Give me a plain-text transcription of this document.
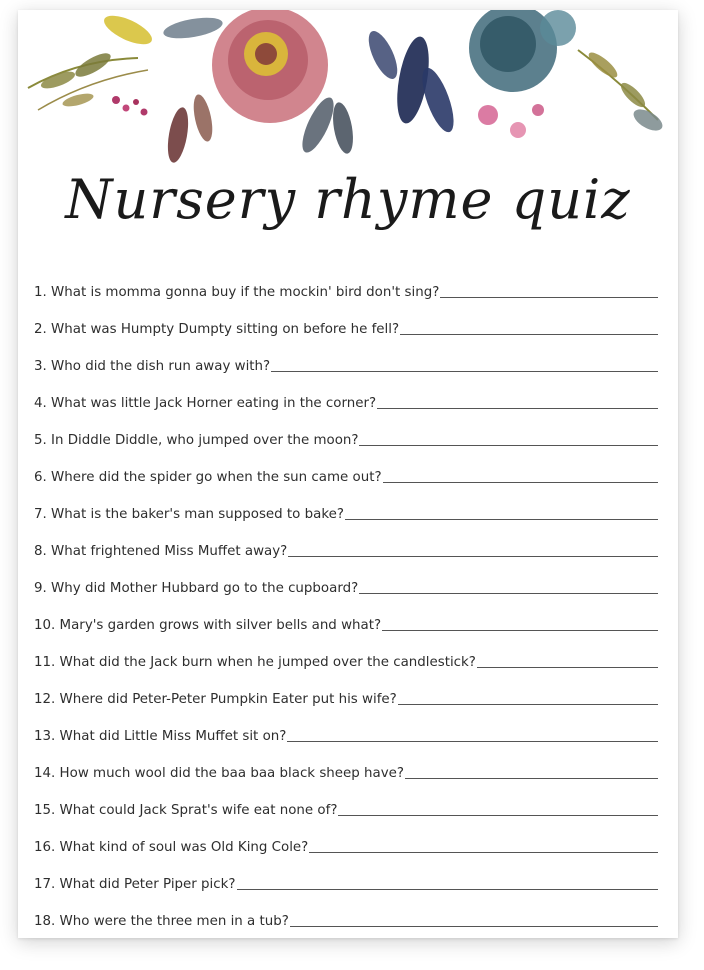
Nursery rhyme quiz
1. What is momma gonna buy if the mockin' bird don't sing?
2. What was Humpty Dumpty sitting on before he fell?
3. Who did the dish run away with?
4. What was little Jack Horner eating in the corner?
5. In Diddle Diddle, who jumped over the moon?
6. Where did the spider go when the sun came out?
7. What is the baker's man supposed to bake?
8. What frightened Miss Muffet away?
9. Why did Mother Hubbard go to the cupboard?
10. Mary's garden grows with silver bells and what?
11. What did the Jack burn when he jumped over the candlestick?
12. Where did Peter-Peter Pumpkin Eater put his wife?
13. What did Little Miss Muffet sit on?
14. How much wool did the baa baa black sheep have?
15. What could Jack Sprat's wife eat none of?
16. What kind of soul was Old King Cole?
17. What did Peter Piper pick?
18. Who were the three men in a tub?
